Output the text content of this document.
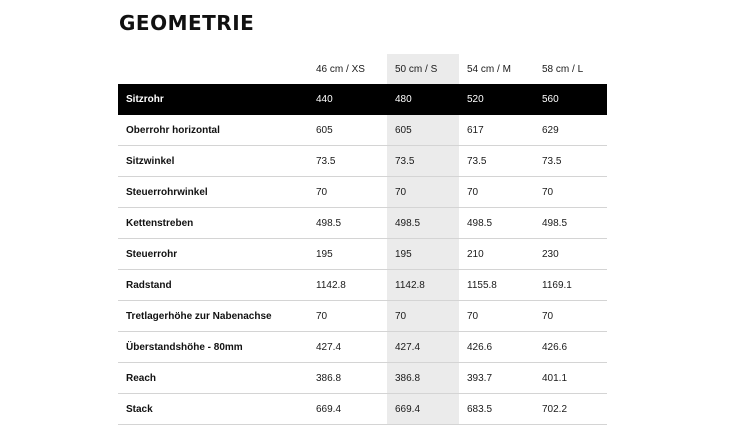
GEOMETRIE
	46 cm / XS	50 cm / S	54 cm / M	58 cm / L
Sitzrohr	440	480	520	560
Oberrohr horizontal	605	605	617	629
Sitzwinkel	73.5	73.5	73.5	73.5
Steuerrohrwinkel	70	70	70	70
Kettenstreben	498.5	498.5	498.5	498.5
Steuerrohr	195	195	210	230
Radstand	1142.8	1142.8	1155.8	1169.1
Tretlagerhöhe zur Nabenachse	70	70	70	70
Überstandshöhe - 80mm	427.4	427.4	426.6	426.6
Reach	386.8	386.8	393.7	401.1
Stack	669.4	669.4	683.5	702.2
